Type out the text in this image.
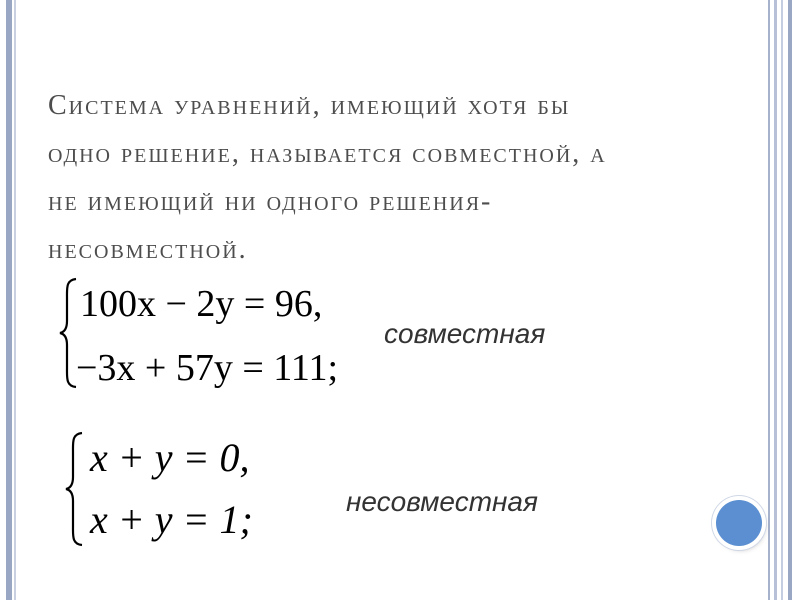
Система уравнений, имеющий хотя бы
одно решение, называется совместной, а
не имеющий ни одного решения-
несовместной.
100x − 2y = 96,
−3x + 57y = 111;
совместная
x + y = 0,
x + y = 1;	несовместная
